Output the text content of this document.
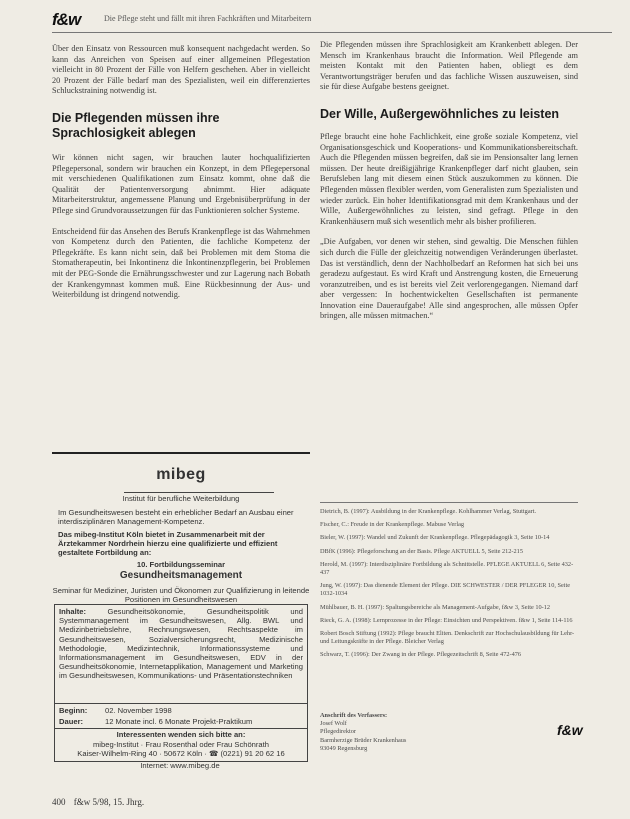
f&w	Die Pflege steht und fällt mit ihren Fachkräften und Mitarbeitern

Über den Einsatz von Ressourcen muß konsequent nachgedacht werden. So kann das Anreichen von Speisen auf einer allgemeinen Pflegestation vielleicht in 80 Prozent der Fälle von Helfern geschehen. Aber in vielleicht 20 Prozent der Fälle bedarf man des Spezialisten, weil ein differenziertes Schluckstraining notwendig ist.

Die Pflegenden müssen ihre Sprachlosigkeit ablegen

Wir können nicht sagen, wir brauchen lauter hochqualifizierten Pflegepersonal, sondern wir brauchen ein Konzept, in dem Pflegepersonal mit verschiedenen Qualifikationen zum Einsatz kommt, ohne daß die Qualität der Patientenversorgung abnimmt. Hier adäquate Mitarbeiterstruktur, angemessene Planung und Ergebnisüberprüfung in der Pflege sind Grundvoraussetzungen für das Funktionieren solcher Systeme.

Entscheidend für das Ansehen des Berufs Krankenpflege ist das Wahrnehmen von Kompetenz durch den Patienten, die fachliche Kompetenz der Pflegekräfte. Es kann nicht sein, daß bei Problemen mit dem Stoma die Stomatherapeutin, bei Inkontinenz die Inkontinenzpflegerin, bei Problemen mit der PEG-Sonde die Ernährungsschwester und zur Lagerung nach Bobath der Krankengymnast kommen muß. Eine Rückbesinnung der Aus- und Weiterbildung ist dringend notwendig.

Die Pflegenden müssen ihre Sprachlosigkeit am Krankenbett ablegen. Der Mensch im Krankenhaus braucht die Information. Weil Pflegende am meisten Kontakt mit den Patienten haben, obliegt es dem Verantwortungsträger berufen und das fachliche Wissen auszuweisen, sind sie für diese Aufgabe bestens geeignet.

Der Wille, Außergewöhnliches zu leisten

Pflege braucht eine hohe Fachlichkeit, eine große soziale Kompetenz, viel Organisationsgeschick und Kooperations- und Kommunikationsbereitschaft. Auch die Pflegenden müssen begreifen, daß sie im Pensionsalter lang lernen müssen. Der heute dreißigjährige Krankenpfleger darf nicht glauben, sein Berufsleben lang mit diesem einen Stück auszukommen zu können. Die Pflegenden müssen flexibler werden, vom Generalisten zum Spezialisten und wieder zurück. Ein hoher Identifikationsgrad mit dem Krankenhaus und der Wille, Außergewöhnliches zu leisten, sind gefragt. Pflege in den Krankenhäusern muß sich wesentlich mehr als bisher profilieren.

„Die Aufgaben, vor denen wir stehen, sind gewaltig. Die Menschen fühlen sich durch die Fülle der gleichzeitig notwendigen Veränderungen überlastet. Das ist verständlich, denn der Nachholbedarf an Reformen hat sich bei uns geradezu aufgestaut. Es wird Kraft und Anstrengung kosten, die Erneuerung voranzutreiben, und es ist bereits viel Zeit verlorengegangen. Niemand darf aber vergessen: In hochentwickelten Gesellschaften ist permanente Innovation eine Daueraufgabe! Alle sind angesprochen, alle müssen Opfer bringen, alle müssen mitmachen.“

mibeg
Institut für berufliche Weiterbildung
Im Gesundheitswesen besteht ein erheblicher Bedarf an Ausbau einer interdisziplinären Management-Kompetenz.
Das mibeg-Institut Köln bietet in Zusammenarbeit mit der Ärztekammer Nordrhein hierzu eine qualifizierte und effizient gestaltete Fortbildung an:
10. Fortbildungsseminar
Gesundheitsmanagement
Seminar für Mediziner, Juristen und Ökonomen zur Qualifizierung in leitende Positionen im Gesundheitswesen
Inhalte:	Gesundheitsökonomie, Gesundheitspolitik und Systemmanagement im Gesundheitswesen, Allg. BWL und Medizinbetriebslehre, Rechnungswesen, Rechtsaspekte im Gesundheitswesen, Sozialversicherungsrecht, Medizinische Methodologie, Medizintechnik, Informationssysteme und Informationsmanagement im Gesundheitswesen, EDV in der Gesundheitsökonomie, Internetapplikation, Management und Marketing im Gesundheitswesen, Kommunikations- und Präsentationstechniken
Beginn: 02. November 1998
Dauer:	12 Monate incl. 6 Monate Projekt-Praktikum
Interessenten wenden sich bitte an:
mibeg-Institut · Frau Rosenthal oder Frau Schönrath
Kaiser-Wilhelm-Ring 40 · 50672 Köln · ☎ (0221) 91 20 62 16
Internet: www.mibeg.de
Dietrich, B. (1997): Ausbildung in der Krankenpflege. Kohlhammer Verlag, Stuttgart.
Fischer, C.: Freude in der Krankenpflege. Mabuse Verlag
Bieler, W. (1997): Wandel und Zukunft der Krankenpflege. Pflegepädagogik 3, Seite 10-14
DBfK (1996): Pflegeforschung an der Basis. Pflege AKTUELL 5, Seite 212-215
Herold, M. (1997): Interdisziplinäre Fortbildung als Schnittstelle. PFLEGE AKTUELL 6, Seite 432-437
Jung, W. (1997): Das dienende Element der Pflege. DIE SCHWESTER / DER PFLEGER 10, Seite 1032-1034
Mühlbauer, B. H. (1997): Spaltungsbereiche als Management-Aufgabe, f&w 3, Seite 10-12
Rieck, G. A. (1998): Lernprozesse in der Pflege: Einsichten und Perspektiven. f&w 1, Seite 114-116
Robert Bosch Stiftung (1992): Pflege braucht Eliten. Denkschrift zur Hochschulausbildung für Lehr- und Leitungskräfte in der Pflege. Bleicher Verlag
Schwarz, T. (1996): Der Zwang in der Pflege. Pflegezeitschrift 8, Seite 472-476
Anschrift des Verfassers:
Josef Wolf
Pflegedirektor
Barmherzige Brüder Krankenhaus
93049 Regensburg
f&w
400 f&w 5/98, 15. Jhrg.
